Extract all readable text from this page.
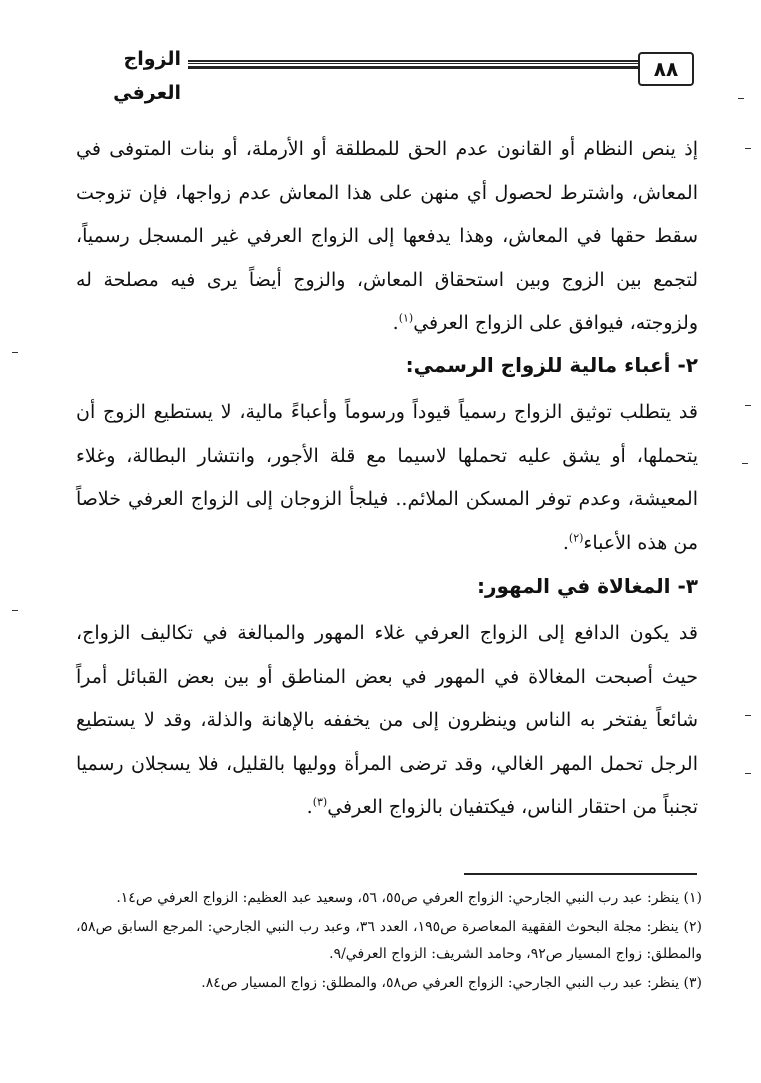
الزواج العرفي
٨٨
إذ ينص النظام أو القانون عدم الحق للمطلقة أو الأرملة، أو بنات المتوفى في المعاش، واشترط لحصول أي منهن على هذا المعاش عدم زواجها، فإن تزوجت سقط حقها في المعاش، وهذا يدفعها إلى الزواج العرفي غير المسجل رسمياً، لتجمع بين الزوج وبين استحقاق المعاش، والزوج أيضاً يرى فيه مصلحة له ولزوجته، فيوافق على الزواج العرفي$^{(١)}$.
٢- أعباء مالية للزواج الرسمي:
قد يتطلب توثيق الزواج رسمياً قيوداً ورسوماً وأعباءً مالية، لا يستطيع الزوج أن يتحملها، أو يشق عليه تحملها لاسيما مع قلة الأجور، وانتشار البطالة، وغلاء المعيشة، وعدم توفر المسكن الملائم.. فيلجأ الزوجان إلى الزواج العرفي خلاصاً من هذه الأعباء$^{(٢)}$.
٣- المغالاة في المهور:
قد يكون الدافع إلى الزواج العرفي غلاء المهور والمبالغة في تكاليف الزواج، حيث أصبحت المغالاة في المهور في بعض المناطق أو بين بعض القبائل أمراً شائعاً يفتخر به الناس وينظرون إلى من يخففه بالإهانة والذلة، وقد لا يستطيع الرجل تحمل المهر الغالي، وقد ترضى المرأة ووليها بالقليل، فلا يسجلان رسميا تجنباً من احتقار الناس، فيكتفيان بالزواج العرفي$^{(٣)}$.
(١) ينظر: عبد رب النبي الجارحي: الزواج العرفي ص٥٥، ٥٦، وسعيد عبد العظيم: الزواج العرفي ص١٤.
(٢) ينظر: مجلة البحوث الفقهية المعاصرة ص١٩٥، العدد ٣٦، وعبد رب النبي الجارحي: المرجع السابق ص٥٨، والمطلق: زواج المسيار ص٩٢، وحامد الشريف: الزواج العرفي/٩.
(٣) ينظر: عبد رب النبي الجارحي: الزواج العرفي ص٥٨، والمطلق: زواج المسيار ص٨٤.
